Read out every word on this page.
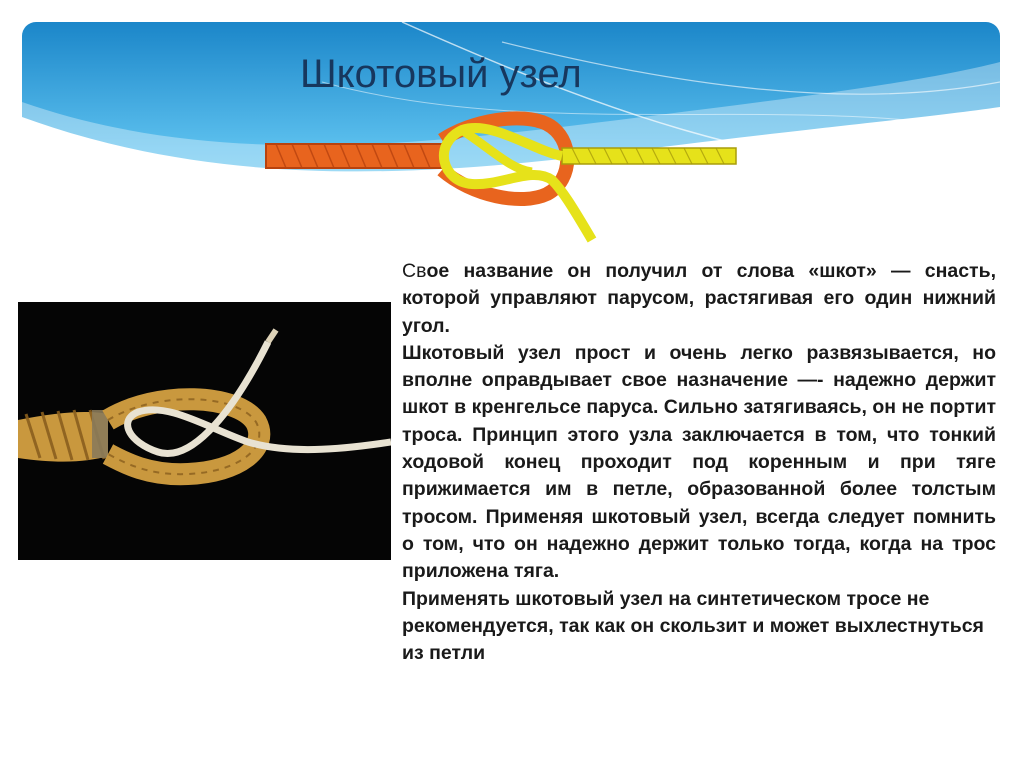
Шкотовый узел

Свое название он получил от слова «шкот» — снасть, которой управляют парусом, растягивая его один нижний угол.

Шкотовый узел прост и очень легко развязывается, но вполне оправдывает свое назначение —- надежно держит шкот в кренгельсе паруса. Сильно затягиваясь, он не портит троса. Принцип этого узла заключается в том, что тонкий ходовой конец проходит под коренным и при тяге прижимается им в петле, образованной более толстым тросом. Применяя шкотовый узел, всегда следует помнить о том, что он надежно держит только тогда, когда на трос приложена тяга.

Применять шкотовый узел на синтетическом тросе не рекомендуется, так как он скользит и может выхлестнуться из петли
